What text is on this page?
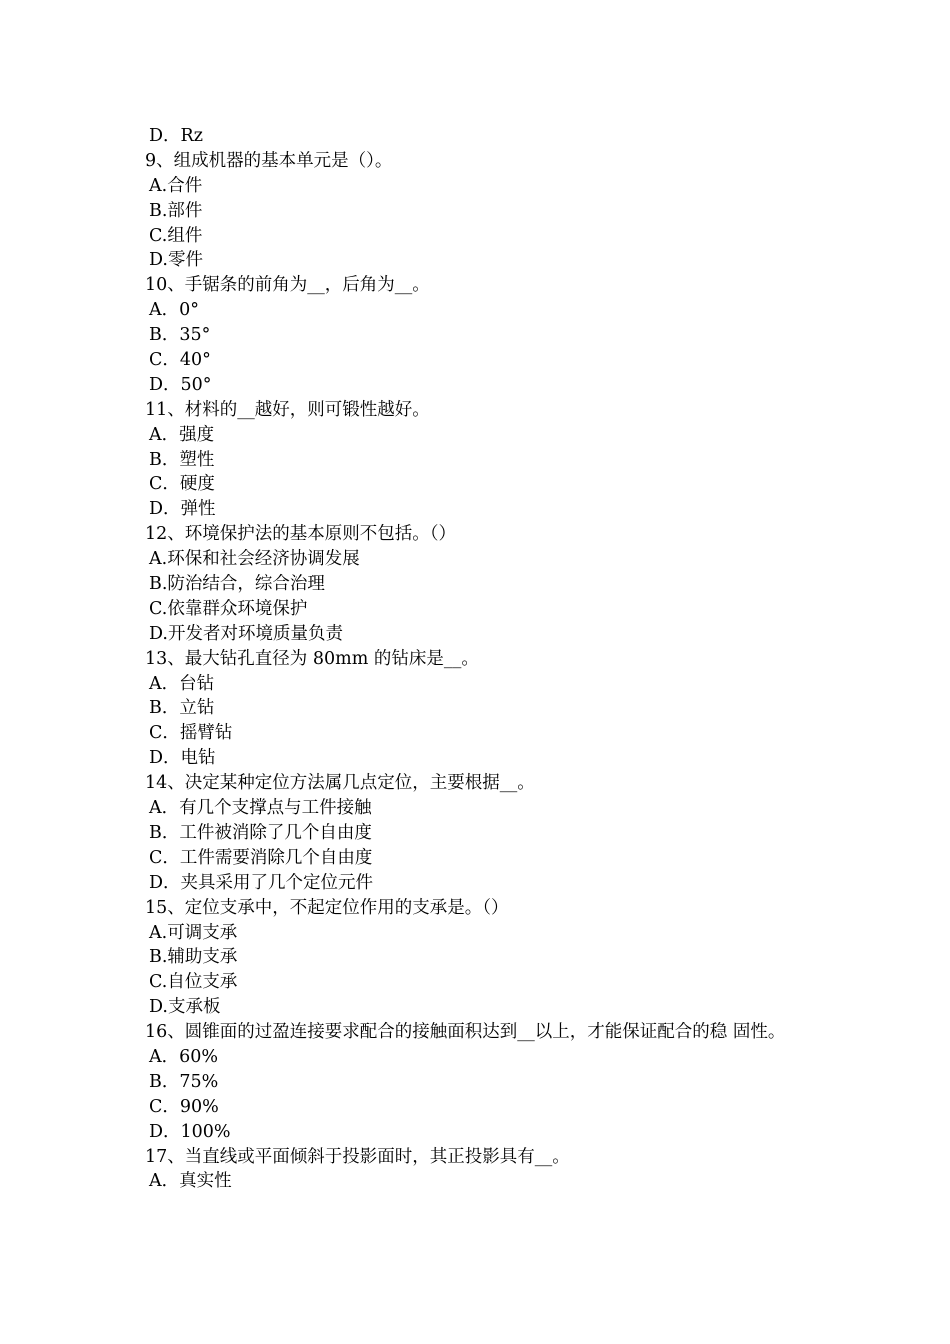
D．Rz
9、组成机器的基本单元是（）。
A.合件
B.部件
C.组件
D.零件
10、手锯条的前角为__，后角为__。
A．0°
B．35°
C．40°
D．50°
11、材料的__越好，则可锻性越好。
A．强度
B．塑性
C．硬度
D．弹性
12、环境保护法的基本原则不包括。（）
A.环保和社会经济协调发展
B.防治结合，综合治理
C.依靠群众环境保护
D.开发者对环境质量负责
13、最大钻孔直径为 80mm 的钻床是__。
A．台钻
B．立钻
C．摇臂钻
D．电钻
14、决定某种定位方法属几点定位，主要根据__。
A．有几个支撑点与工件接触
B．工件被消除了几个自由度
C．工件需要消除几个自由度
D．夹具采用了几个定位元件
15、定位支承中，不起定位作用的支承是。（）
A.可调支承
B.辅助支承
C.自位支承
D.支承板
16、圆锥面的过盈连接要求配合的接触面积达到__以上，才能保证配合的稳 固性。
A．60%
B．75%
C．90%
D．100%
17、当直线或平面倾斜于投影面时，其正投影具有__。
A．真实性
